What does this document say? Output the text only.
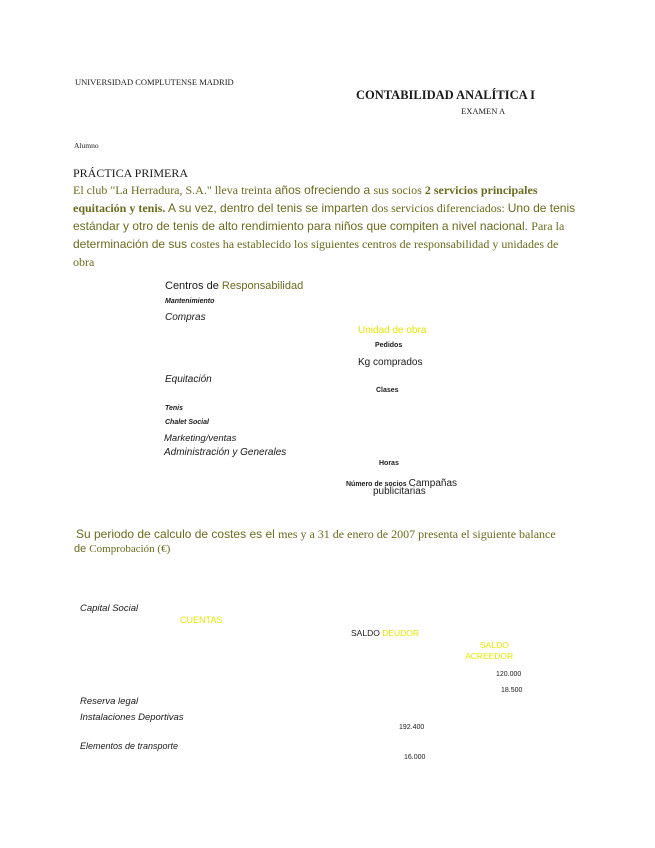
UNIVERSIDAD COMPLUTENSE MADRID
CONTABILIDAD ANALÍTICA I
EXAMEN A
Alumno
PRÁCTICA PRIMERA
El club "La Herradura, S.A." lleva treinta años ofreciendo a sus socios 2 servicios principales equitación y tenis. A su vez, dentro del tenis se imparten dos servicios diferenciados: Uno de tenis estándar y otro de tenis de alto rendimiento para niños que compiten a nivel nacional. Para la determinación de sus costes ha establecido los siguientes centros de responsabilidad y unidades de obra
Centros de Responsabilidad
Mantenimiento
Compras
Unidad de obra
Pedidos
Kg comprados
Equitación
Clases
Tenis
Chalet Social
Marketing/ventas
Administración y Generales
Horas
Número de socios Campañas
publicitarias
Su periodo de calculo de costes es el mes y a 31 de enero de 2007 presenta el siguiente balance
de Comprobación (€)
Capital Social
CUENTAS
SALDO DEUDOR
SALDO
ACREEDOR
120.000
18.500
Reserva legal
Instalaciones Deportivas
192.400
Elementos de transporte
16.000
